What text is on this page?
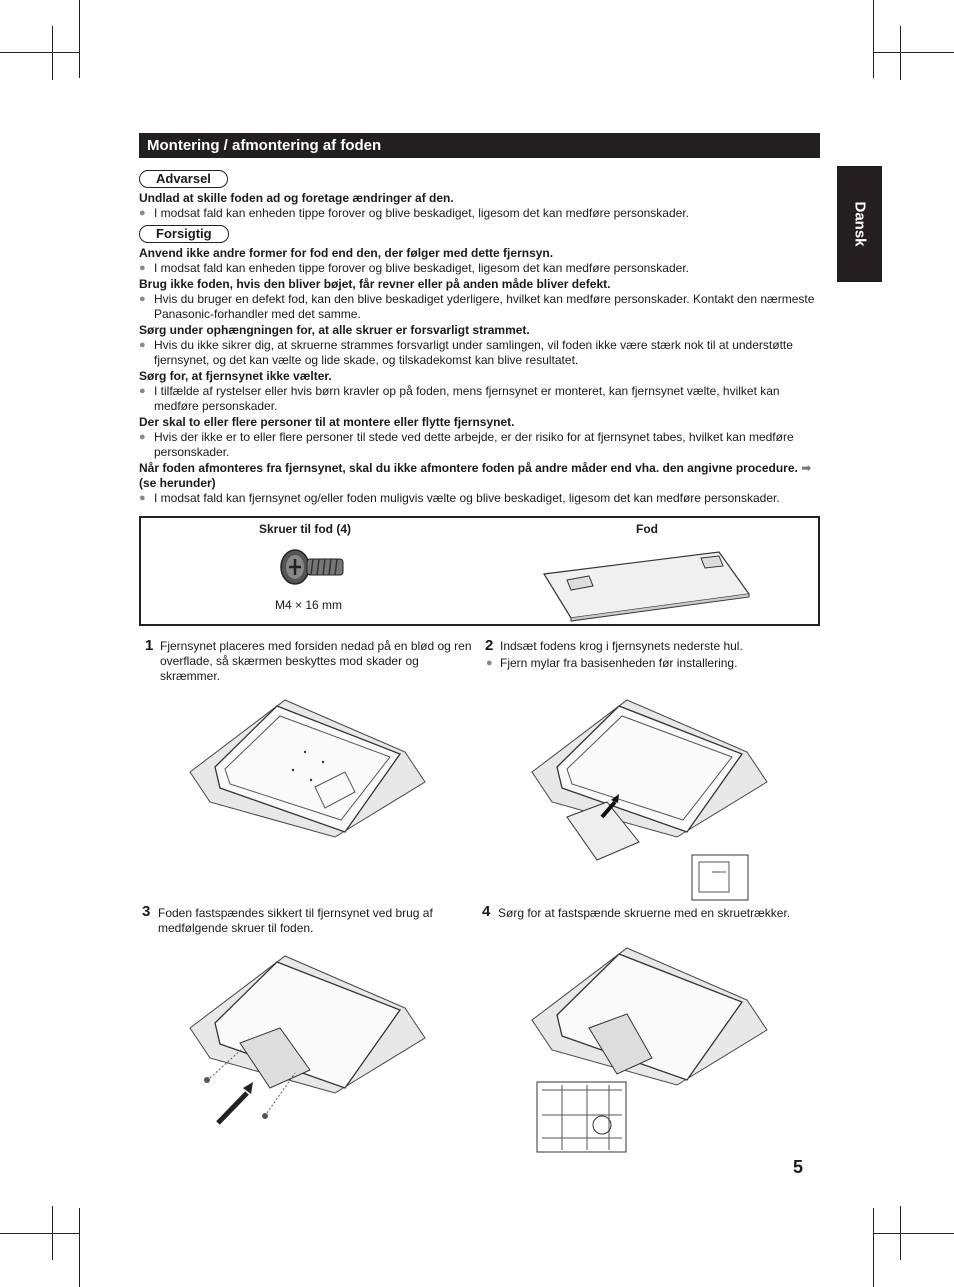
Montering / afmontering af foden
Dansk
Advarsel
Undlad at skille foden ad og foretage ændringer af den.
● I modsat fald kan enheden tippe forover og blive beskadiget, ligesom det kan medføre personskader.
Forsigtig
Anvend ikke andre former for fod end den, der følger med dette fjernsyn.
● I modsat fald kan enheden tippe forover og blive beskadiget, ligesom det kan medføre personskader.
Brug ikke foden, hvis den bliver bøjet, får revner eller på anden måde bliver defekt.
● Hvis du bruger en defekt fod, kan den blive beskadiget yderligere, hvilket kan medføre personskader. Kontakt den nærmeste Panasonic-forhandler med det samme.
Sørg under ophængningen for, at alle skruer er forsvarligt strammet.
● Hvis du ikke sikrer dig, at skruerne strammes forsvarligt under samlingen, vil foden ikke være stærk nok til at understøtte fjernsynet, og det kan vælte og lide skade, og tilskadekomst kan blive resultatet.
Sørg for, at fjernsynet ikke vælter.
● I tilfælde af rystelser eller hvis børn kravler op på foden, mens fjernsynet er monteret, kan fjernsynet vælte, hvilket kan medføre personskader.
Der skal to eller flere personer til at montere eller flytte fjernsynet.
● Hvis der ikke er to eller flere personer til stede ved dette arbejde, er der risiko for at fjernsynet tabes, hvilket kan medføre personskader.
Når foden afmonteres fra fjernsynet, skal du ikke afmontere foden på andre måder end vha. den angivne procedure. ➡ (se herunder)
● I modsat fald kan fjernsynet og/eller foden muligvis vælte og blive beskadiget, ligesom det kan medføre personskader.
Skruer til fod (4)
M4 × 16 mm
Fod
1 Fjernsynet placeres med forsiden nedad på en blød og ren overflade, så skærmen beskyttes mod skader og skræmmer.
2 Indsæt fodens krog i fjernsynets nederste hul.
● Fjern mylar fra basisenheden før installering.
3 Foden fastspændes sikkert til fjernsynet ved brug af medfølgende skruer til foden.
4 Sørg for at fastspænde skruerne med en skruetrækker.
5
